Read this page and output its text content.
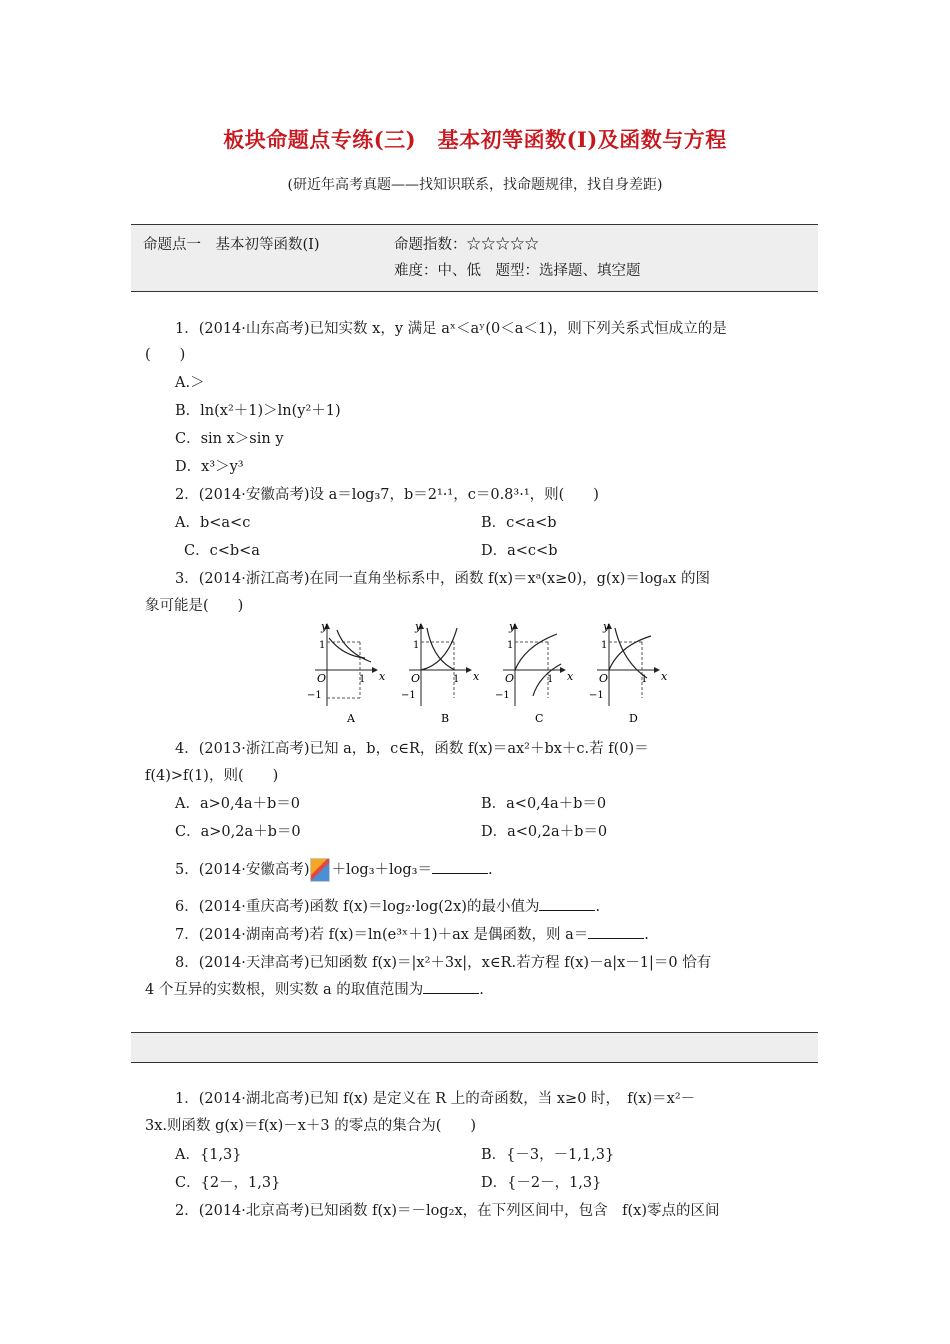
板块命题点专练(三)　基本初等函数(Ⅰ)及函数与方程
(研近年高考真题——找知识联系，找命题规律，找自身差距)
命题点一　基本初等函数(Ⅰ)	命题指数：☆☆☆☆☆
难度：中、低　题型：选择题、填空题
1．(2014·山东高考)已知实数 x，y 满足 aˣ＜aʸ(0＜a＜1)，则下列关系式恒成立的是
(　　)
A.＞
B．ln(x²＋1)＞ln(y²＋1)
C．sin x＞sin y
D．x³＞y³
2．(2014·安徽高考)设 a＝log₃7，b＝2¹·¹，c＝0.8³·¹，则(　　)
A．b<a<c	B．c<a<b
C．c<b<a	D．a<c<b
3．(2014·浙江高考)在同一直角坐标系中，函数 f(x)＝xᵃ(x≥0)，g(x)＝logₐx 的图
象可能是(　　)
y
x
O
1
−1
1
A
y
x
O
1
−1
1
B
y
x
O
1
−1
1
C
y
x
O
1
−1
1
D
4．(2013·浙江高考)已知 a，b，c∈R，函数 f(x)＝ax²＋bx＋c.若 f(0)＝
f(4)>f(1)，则(　　)
A．a>0,4a＋b＝0	B．a<0,4a＋b＝0
C．a>0,2a＋b＝0	D．a<0,2a＋b＝0
5．(2014·安徽高考) ＋log₃＋log₃＝	.
6．(2014·重庆高考)函数 f(x)＝log₂·log(2x)的最小值为	.
7．(2014·湖南高考)若 f(x)＝ln(e³ˣ＋1)＋ax 是偶函数，则 a＝	.
8．(2014·天津高考)已知函数 f(x)＝|x²＋3x|，x∈R.若方程 f(x)－a|x－1|＝0 恰有
4 个互异的实数根，则实数 a 的取值范围为	.
1．(2014·湖北高考)已知 f(x) 是定义在 R 上的奇函数，当 x≥0 时，　f(x)＝x²－
3x.则函数 g(x)＝f(x)－x＋3 的零点的集合为(　　)
A．{1,3}	B．{－3，－1,1,3}
C．{2－，1,3}	D．{－2－，1,3}
2．(2014·北京高考)已知函数 f(x)＝－log₂x，在下列区间中，包含　f(x)零点的区间
